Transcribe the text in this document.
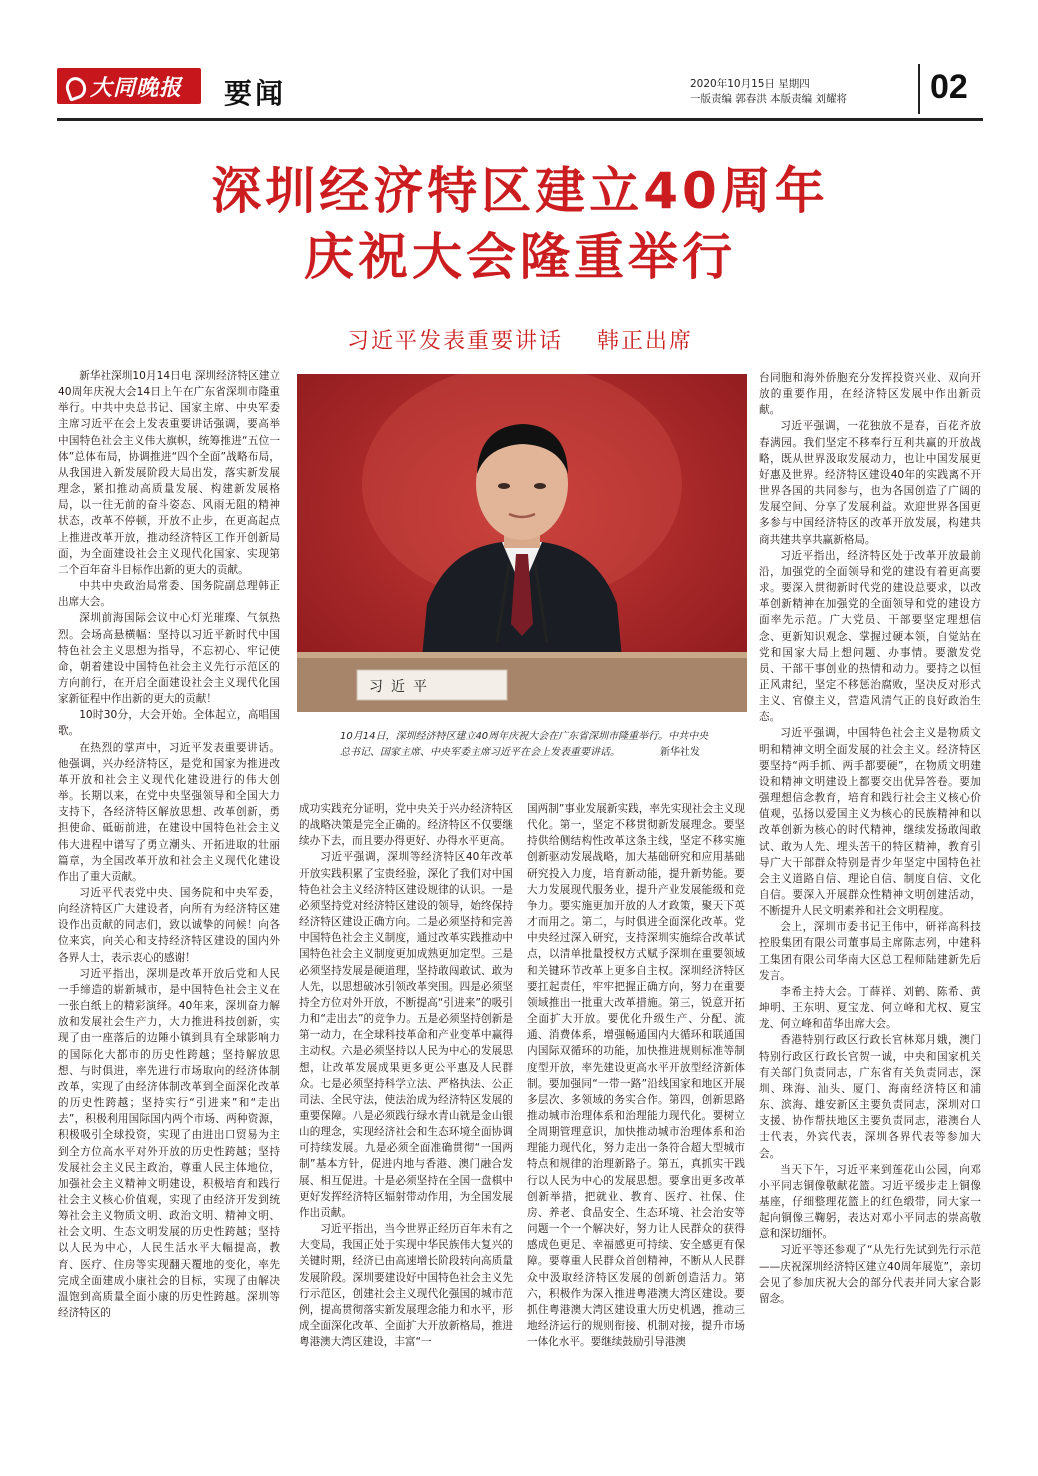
大同晚报 要闻	2020年10月15日 星期四
一版责编 郭春洪 本版责编 刘耀将 02
深圳经济特区建立40周年
庆祝大会隆重举行
习近平发表重要讲话 韩正出席

新华社深圳10月14日电 深圳经济特区建立40周年庆祝大会14日上午在广东省深圳市隆重举行。中共中央总书记、国家主席、中央军委主席习近平在会上发表重要讲话强调，要高举中国特色社会主义伟大旗帜，统筹推进“五位一体”总体布局，协调推进“四个全面”战略布局，从我国进入新发展阶段大局出发，落实新发展理念，紧扣推动高质量发展、构建新发展格局，以一往无前的奋斗姿态、风雨无阻的精神状态，改革不停顿，开放不止步，在更高起点上推进改革开放，推动经济特区工作开创新局面，为全面建设社会主义现代化国家、实现第二个百年奋斗目标作出新的更大的贡献。

中共中央政治局常委、国务院副总理韩正出席大会。

深圳前海国际会议中心灯光璀璨、气氛热烈。会场高悬横幅：坚持以习近平新时代中国特色社会主义思想为指导，不忘初心、牢记使命，朝着建设中国特色社会主义先行示范区的方向前行，在开启全面建设社会主义现代化国家新征程中作出新的更大的贡献！

10时30分，大会开始。全体起立，高唱国歌。

在热烈的掌声中，习近平发表重要讲话。他强调，兴办经济特区，是党和国家为推进改革开放和社会主义现代化建设进行的伟大创举。长期以来，在党中央坚强领导和全国大力支持下，各经济特区解放思想、改革创新，勇担使命、砥砺前进，在建设中国特色社会主义伟大进程中谱写了勇立潮头、开拓进取的壮丽篇章，为全国改革开放和社会主义现代化建设作出了重大贡献。

习近平代表党中央、国务院和中央军委，向经济特区广大建设者，向所有为经济特区建设作出贡献的同志们，致以诚挚的问候！向各位来宾，向关心和支持经济特区建设的国内外各界人士，表示衷心的感谢！

习近平指出，深圳是改革开放后党和人民一手缔造的崭新城市，是中国特色社会主义在一张白纸上的精彩演绎。40年来，深圳奋力解放和发展社会生产力，大力推进科技创新，实现了由一座落后的边陲小镇到具有全球影响力的国际化大都市的历史性跨越；坚持解放思想、与时俱进，率先进行市场取向的经济体制改革，实现了由经济体制改革到全面深化改革的历史性跨越；坚持实行“引进来”和“走出去”，积极利用国际国内两个市场、两种资源，积极吸引全球投资，实现了由进出口贸易为主到全方位高水平对外开放的历史性跨越；坚持发展社会主义民主政治，尊重人民主体地位，加强社会主义精神文明建设，积极培育和践行社会主义核心价值观，实现了由经济开发到统筹社会主义物质文明、政治文明、精神文明、社会文明、生态文明发展的历史性跨越；坚持以人民为中心，人民生活水平大幅提高，教育、医疗、住房等实现翻天覆地的变化，率先完成全面建成小康社会的目标，实现了由解决温饱到高质量全面小康的历史性跨越。深圳等经济特区的

习近平
10月14日，深圳经济特区建立40周年庆祝大会在广东省深圳市隆重举行。中共中央总书记、国家主席、中央军委主席习近平在会上发表重要讲话。	新华社发

成功实践充分证明，党中央关于兴办经济特区的战略决策是完全正确的。经济特区不仅要继续办下去，而且要办得更好、办得水平更高。

习近平强调，深圳等经济特区40年改革开放实践积累了宝贵经验，深化了我们对中国特色社会主义经济特区建设规律的认识。一是必须坚持党对经济特区建设的领导，始终保持经济特区建设正确方向。二是必须坚持和完善中国特色社会主义制度，通过改革实践推动中国特色社会主义制度更加成熟更加定型。三是必须坚持发展是硬道理，坚持敢闯敢试、敢为人先，以思想破冰引领改革突围。四是必须坚持全方位对外开放，不断提高“引进来”的吸引力和“走出去”的竞争力。五是必须坚持创新是第一动力，在全球科技革命和产业变革中赢得主动权。六是必须坚持以人民为中心的发展思想，让改革发展成果更多更公平惠及人民群众。七是必须坚持科学立法、严格执法、公正司法、全民守法，使法治成为经济特区发展的重要保障。八是必须践行绿水青山就是金山银山的理念，实现经济社会和生态环境全面协调可持续发展。九是必须全面准确贯彻“一国两制”基本方针，促进内地与香港、澳门融合发展、相互促进。十是必须坚持在全国一盘棋中更好发挥经济特区辐射带动作用，为全国发展作出贡献。

习近平指出，当今世界正经历百年未有之大变局，我国正处于实现中华民族伟大复兴的关键时期，经济已由高速增长阶段转向高质量发展阶段。深圳要建设好中国特色社会主义先行示范区，创建社会主义现代化强国的城市范例，提高贯彻落实新发展理念能力和水平，形成全面深化改革、全面扩大开放新格局，推进粤港澳大湾区建设，丰富“一

国两制”事业发展新实践，率先实现社会主义现代化。第一，坚定不移贯彻新发展理念。要坚持供给侧结构性改革这条主线，坚定不移实施创新驱动发展战略，加大基础研究和应用基础研究投入力度，培育新动能，提升新势能。要大力发展现代服务业，提升产业发展能级和竞争力。要实施更加开放的人才政策，聚天下英才而用之。第二，与时俱进全面深化改革。党中央经过深入研究，支持深圳实施综合改革试点，以清单批量授权方式赋予深圳在重要领域和关键环节改革上更多自主权。深圳经济特区要扛起责任，牢牢把握正确方向，努力在重要领域推出一批重大改革措施。第三，锐意开拓全面扩大开放。要优化升级生产、分配、流通、消费体系，增强畅通国内大循环和联通国内国际双循环的功能，加快推进规则标准等制度型开放，率先建设更高水平开放型经济新体制。要加强同“一带一路”沿线国家和地区开展多层次、多领域的务实合作。第四，创新思路推动城市治理体系和治理能力现代化。要树立全周期管理意识，加快推动城市治理体系和治理能力现代化，努力走出一条符合超大型城市特点和规律的治理新路子。第五，真抓实干践行以人民为中心的发展思想。要拿出更多改革创新举措，把就业、教育、医疗、社保、住房、养老、食品安全、生态环境、社会治安等问题一个一个解决好，努力让人民群众的获得感成色更足、幸福感更可持续、安全感更有保障。要尊重人民群众首创精神，不断从人民群众中汲取经济特区发展的创新创造活力。第六，积极作为深入推进粤港澳大湾区建设。要抓住粤港澳大湾区建设重大历史机遇，推动三地经济运行的规则衔接、机制对接，提升市场一体化水平。要继续鼓励引导港澳

台同胞和海外侨胞充分发挥投资兴业、双向开放的重要作用，在经济特区发展中作出新贡献。

习近平强调，一花独放不是春，百花齐放春满园。我们坚定不移奉行互利共赢的开放战略，既从世界汲取发展动力，也让中国发展更好惠及世界。经济特区建设40年的实践离不开世界各国的共同参与，也为各国创造了广阔的发展空间、分享了发展利益。欢迎世界各国更多参与中国经济特区的改革开放发展，构建共商共建共享共赢新格局。

习近平指出，经济特区处于改革开放最前沿，加强党的全面领导和党的建设有着更高要求。要深入贯彻新时代党的建设总要求，以改革创新精神在加强党的全面领导和党的建设方面率先示范。广大党员、干部要坚定理想信念、更新知识观念、掌握过硬本领，自觉站在党和国家大局上想问题、办事情。要激发党员、干部干事创业的热情和动力。要持之以恒正风肃纪，坚定不移惩治腐败，坚决反对形式主义、官僚主义，营造风清气正的良好政治生态。

习近平强调，中国特色社会主义是物质文明和精神文明全面发展的社会主义。经济特区要坚持“两手抓、两手都要硬”，在物质文明建设和精神文明建设上都要交出优异答卷。要加强理想信念教育，培育和践行社会主义核心价值观，弘扬以爱国主义为核心的民族精神和以改革创新为核心的时代精神，继续发扬敢闯敢试、敢为人先、埋头苦干的特区精神，教育引导广大干部群众特别是青少年坚定中国特色社会主义道路自信、理论自信、制度自信、文化自信。要深入开展群众性精神文明创建活动，不断提升人民文明素养和社会文明程度。

会上，深圳市委书记王伟中，研祥高科技控股集团有限公司董事局主席陈志列，中建科工集团有限公司华南大区总工程师陆建新先后发言。

李希主持大会。丁薛祥、刘鹤、陈希、黄坤明、王东明、夏宝龙、何立峰和尤权、夏宝龙、何立峰和苗华出席大会。

香港特别行政区行政长官林郑月娥，澳门特别行政区行政长官贺一诚，中央和国家机关有关部门负责同志，广东省有关负责同志，深圳、珠海、汕头、厦门、海南经济特区和浦东、滨海、雄安新区主要负责同志，深圳对口支援、协作帮扶地区主要负责同志，港澳台人士代表，外宾代表，深圳各界代表等参加大会。

当天下午，习近平来到莲花山公园，向邓小平同志铜像敬献花篮。习近平缓步走上铜像基座，仔细整理花篮上的红色缎带，同大家一起向铜像三鞠躬，表达对邓小平同志的崇高敬意和深切缅怀。

习近平等还参观了“从先行先试到先行示范——庆祝深圳经济特区建立40周年展览”，亲切会见了参加庆祝大会的部分代表并同大家合影留念。
